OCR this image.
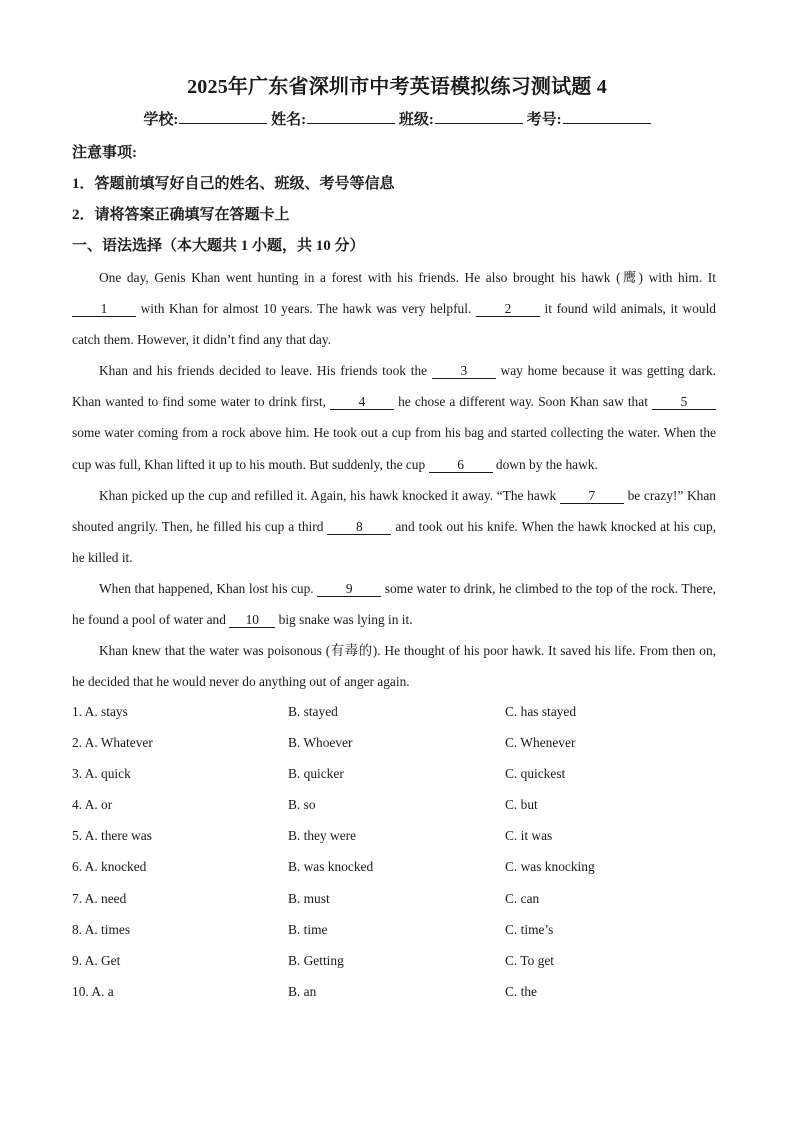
2025年广东省深圳市中考英语模拟练习测试题 4
学校:	姓名:	班级:	考号:
注意事项:
1．答题前填写好自己的姓名、班级、考号等信息
2．请将答案正确填写在答题卡上
一、语法选择（本大题共 1 小题，共 10 分）

One day, Genis Khan went hunting in a forest with his friends. He also brought his hawk (鹰) with him. It 1 with Khan for almost 10 years. The hawk was very helpful. 2 it found wild animals, it would catch them. However, it didn’t find any that day.

Khan and his friends decided to leave. His friends took the 3 way home because it was getting dark. Khan wanted to find some water to drink first, 4 he chose a different way. Soon Khan saw that 5 some water coming from a rock above him. He took out a cup from his bag and started collecting the water. When the cup was full, Khan lifted it up to his mouth. But suddenly, the cup 6 down by the hawk.

Khan picked up the cup and refilled it. Again, his hawk knocked it away. “The hawk 7 be crazy!” Khan shouted angrily. Then, he filled his cup a third 8 and took out his knife. When the hawk knocked at his cup, he killed it.

When that happened, Khan lost his cup. 9 some water to drink, he climbed to the top of the rock. There, he found a pool of water and 10 big snake was lying in it.

Khan knew that the water was poisonous (有毒的). He thought of his poor hawk. It saved his life. From then on, he decided that he would never do anything out of anger again.

1. A. stays	B. stayed	C. has stayed
2. A. Whatever	B. Whoever	C. Whenever
3. A. quick	B. quicker	C. quickest
4. A. or	B. so	C. but
5. A. there was	B. they were	C. it was
6. A. knocked	B. was knocked	C. was knocking
7. A. need	B. must	C. can
8. A. times	B. time	C. time’s
9. A. Get	B. Getting	C. To get
10. A. a	B. an	C. the
